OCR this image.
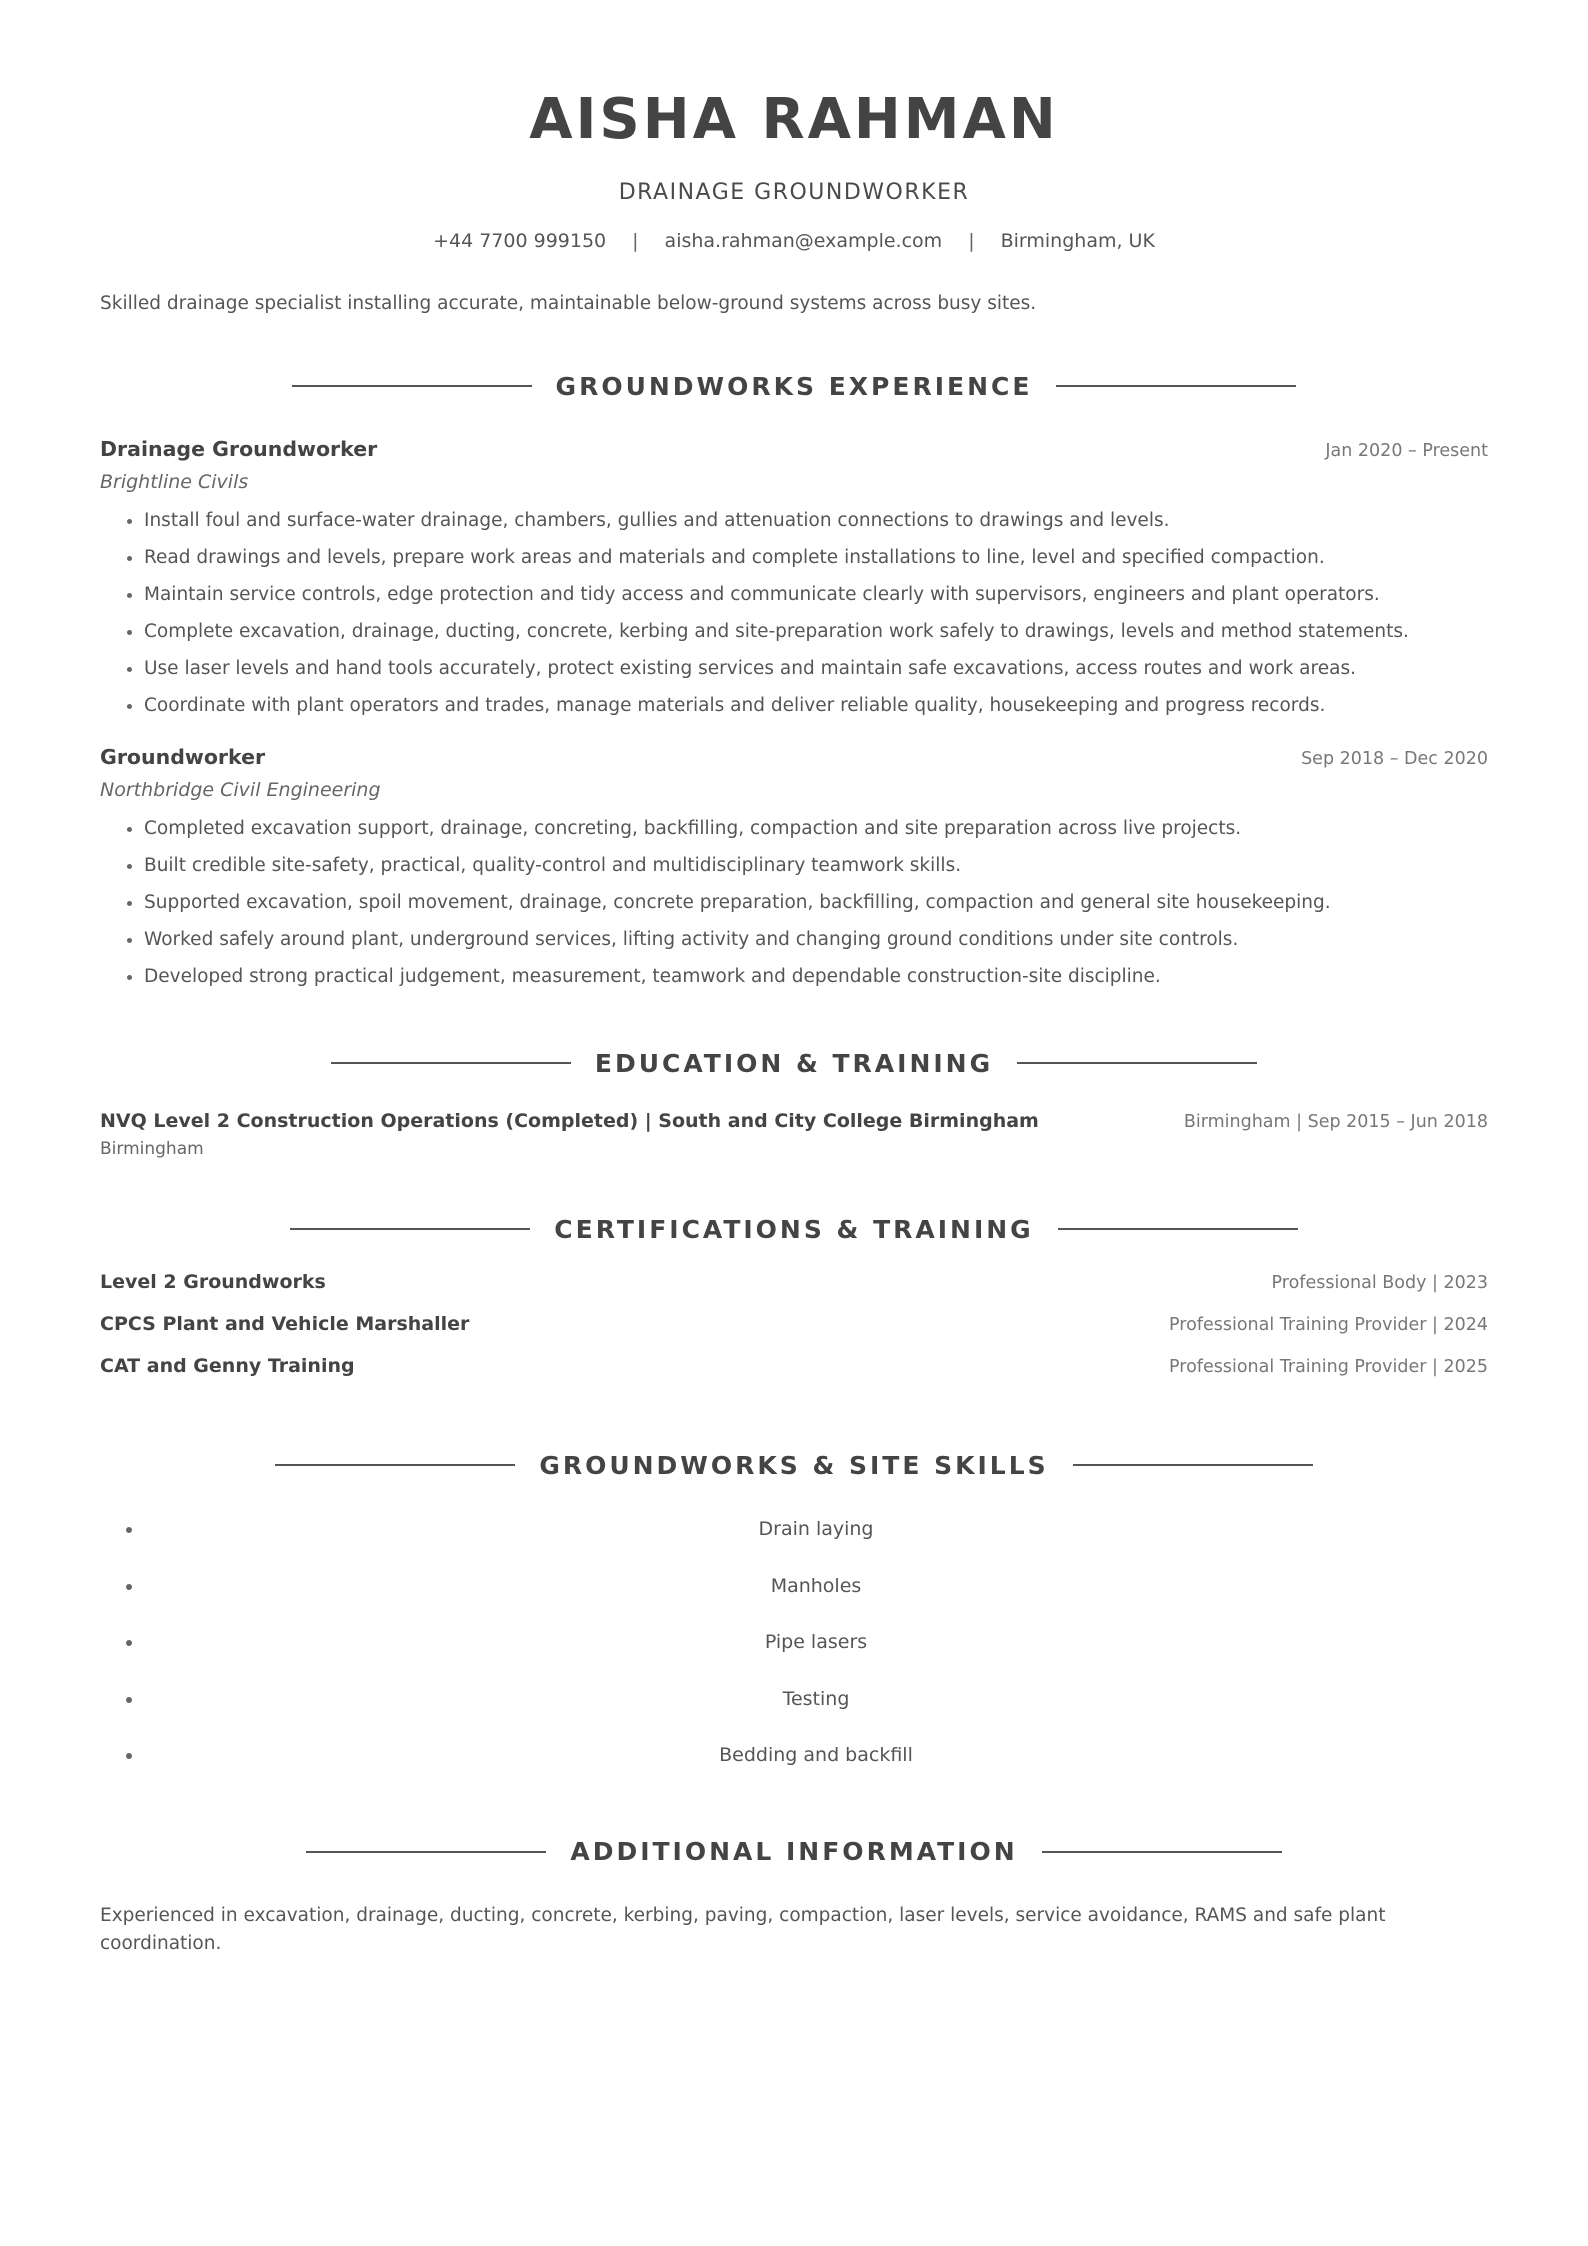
AISHA RAHMAN
DRAINAGE GROUNDWORKER
+44 7700 999150 | aisha.rahman@example.com | Birmingham, UK
Skilled drainage specialist installing accurate, maintainable below-ground systems across busy sites.
GROUNDWORKS EXPERIENCE
Drainage Groundworker	Jan 2020 – Present
Brightline Civils
• Install foul and surface-water drainage, chambers, gullies and attenuation connections to drawings and levels.
• Read drawings and levels, prepare work areas and materials and complete installations to line, level and specified compaction.
• Maintain service controls, edge protection and tidy access and communicate clearly with supervisors, engineers and plant operators.
• Complete excavation, drainage, ducting, concrete, kerbing and site-preparation work safely to drawings, levels and method statements.
• Use laser levels and hand tools accurately, protect existing services and maintain safe excavations, access routes and work areas.
• Coordinate with plant operators and trades, manage materials and deliver reliable quality, housekeeping and progress records.
Groundworker	Sep 2018 – Dec 2020
Northbridge Civil Engineering
• Completed excavation support, drainage, concreting, backfilling, compaction and site preparation across live projects.
• Built credible site-safety, practical, quality-control and multidisciplinary teamwork skills.
• Supported excavation, spoil movement, drainage, concrete preparation, backfilling, compaction and general site housekeeping.
• Worked safely around plant, underground services, lifting activity and changing ground conditions under site controls.
• Developed strong practical judgement, measurement, teamwork and dependable construction-site discipline.
EDUCATION & TRAINING
NVQ Level 2 Construction Operations (Completed) | South and City College Birmingham	Birmingham | Sep 2015 – Jun 2018
Birmingham
CERTIFICATIONS & TRAINING
Level 2 Groundworks	Professional Body | 2023
CPCS Plant and Vehicle Marshaller	Professional Training Provider | 2024
CAT and Genny Training	Professional Training Provider | 2025
GROUNDWORKS & SITE SKILLS
• Drain laying
• Manholes
• Pipe lasers
• Testing
• Bedding and backfill
ADDITIONAL INFORMATION
Experienced in excavation, drainage, ducting, concrete, kerbing, paving, compaction, laser levels, service avoidance, RAMS and safe plant coordination.
